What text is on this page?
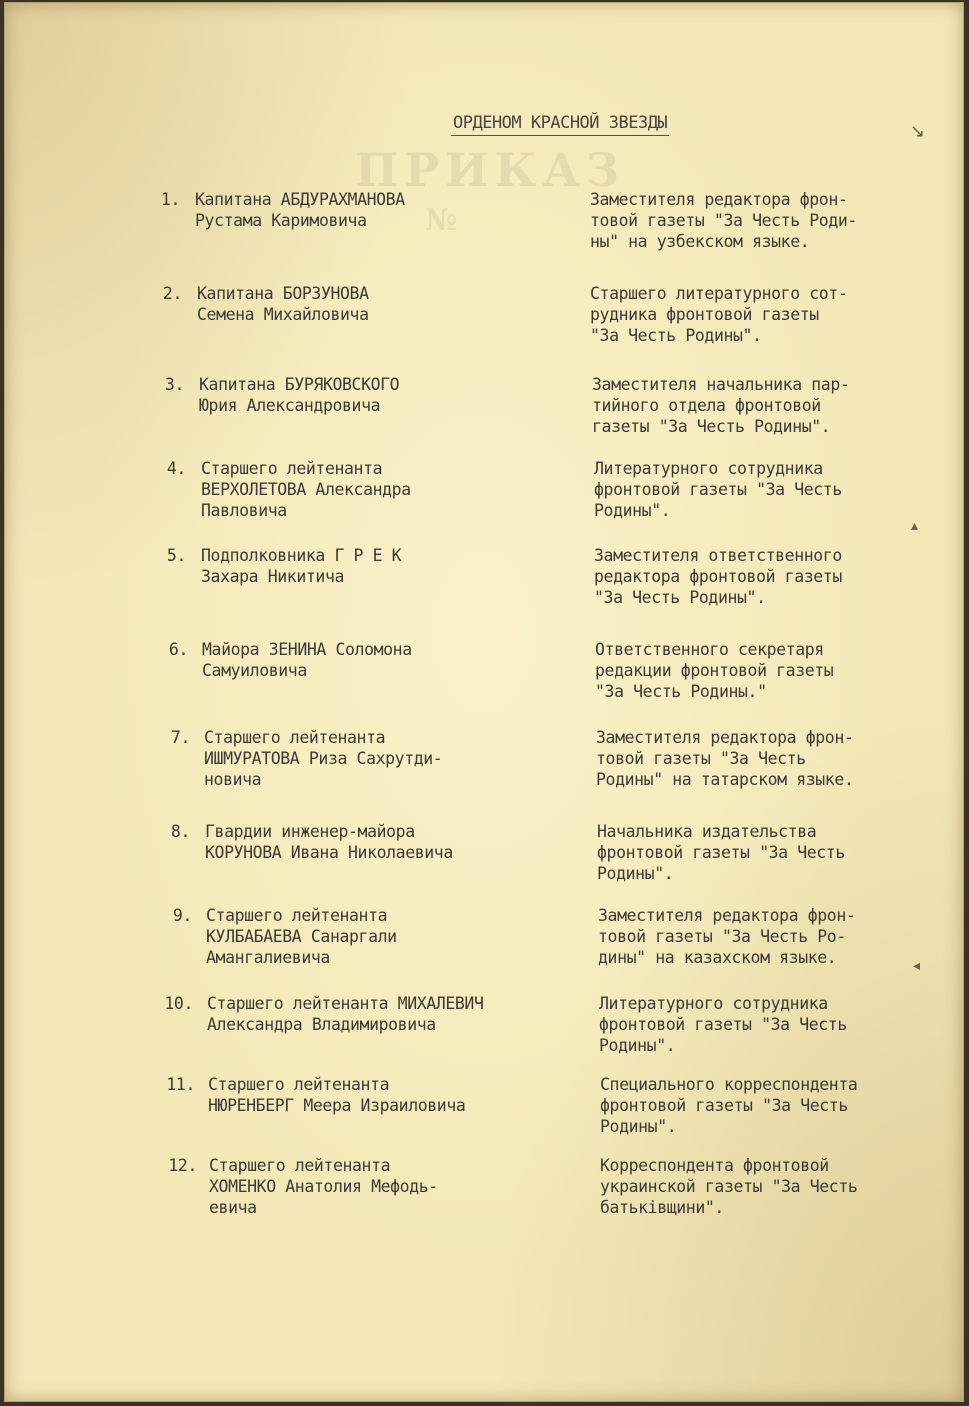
ПРИКАЗ
№
ОРДЕНОМ КРАСНОЙ ЗВЕЗДЫ
1. Капитана АБДУРАХМАНОВА
Рустама Каримовича
Заместителя редактора фрон-
товой газеты "За Честь Роди-
ны" на узбекском языке.
2. Капитана БОРЗУНОВА
Семена Михайловича
Старшего литературного сот-
рудника фронтовой газеты
"За Честь Родины".
3. Капитана БУРЯКОВСКОГО
Юрия Александровича
Заместителя начальника пар-
тийного отдела фронтовой
газеты "За Честь Родины".
4. Старшего лейтенанта
ВЕРХОЛЕТОВА Александра
Павловича
Литературного сотрудника
фронтовой газеты "За Честь
Родины".
5. Подполковника Г Р Е К
Захара Никитича
Заместителя ответственного
редактора фронтовой газеты
"За Честь Родины".
6. Майора ЗЕНИНА Соломона
Самуиловича
Ответственного секретаря
редакции фронтовой газеты
"За Честь Родины."
7. Старшего лейтенанта
ИШМУРАТОВА Риза Сахрутди-
новича
Заместителя редактора фрон-
товой газеты "За Честь
Родины" на татарском языке.
8. Гвардии инженер-майора
КОРУНОВА Ивана Николаевича
Начальника издательства
фронтовой газеты "За Честь
Родины".
9. Старшего лейтенанта
КУЛБАБАЕВА Санаргали
Амангалиевича
Заместителя редактора фрон-
товой газеты "За Честь Ро-
дины" на казахском языке.
10. Старшего лейтенанта МИХАЛЕВИЧ
Александра Владимировича
Литературного сотрудника
фронтовой газеты "За Честь
Родины".
11. Старшего лейтенанта
НЮРЕНБЕРГ Меера Израиловича
Специального корреспондента
фронтовой газеты "За Честь
Родины".
12. Старшего лейтенанта
ХОМЕНКО Анатолия Мефодь-
евича
Корреспондента фронтовой
украинской газеты "За Честь
батьківщини".
↘
▴
◂
